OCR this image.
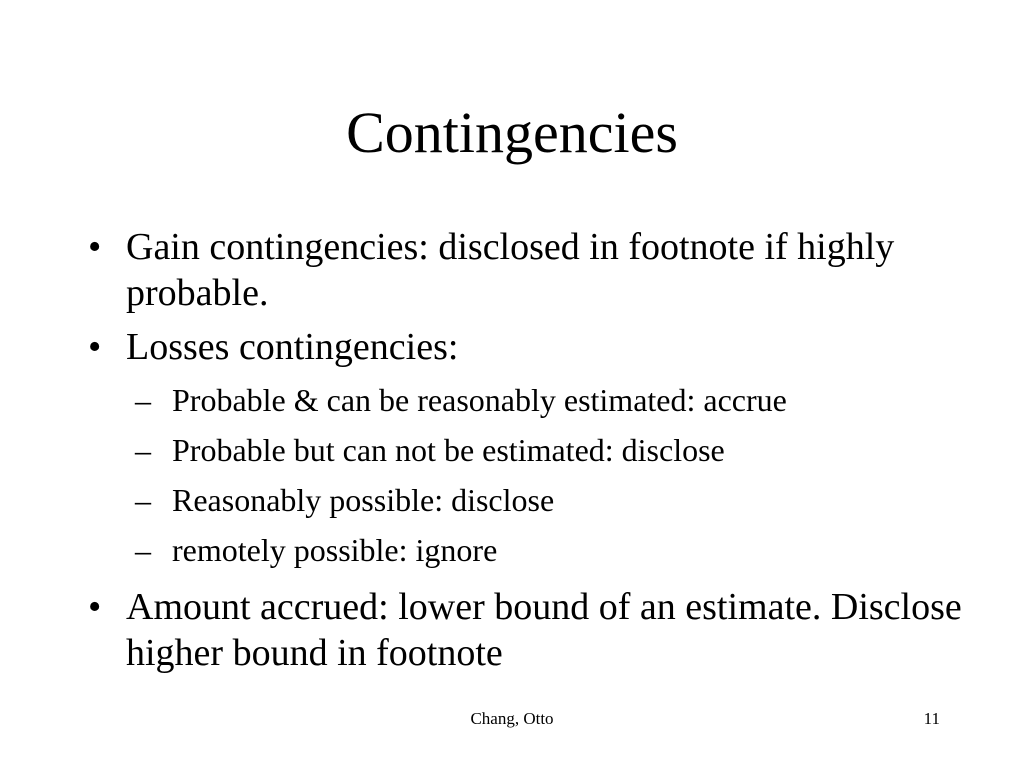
Contingencies
• Gain contingencies: disclosed in footnote if highly probable.
• Losses contingencies:
– Probable & can be reasonably estimated: accrue
– Probable but can not be estimated: disclose
– Reasonably possible: disclose
– remotely possible: ignore
• Amount accrued: lower bound of an estimate. Disclose higher bound in footnote
Chang, Otto	11
